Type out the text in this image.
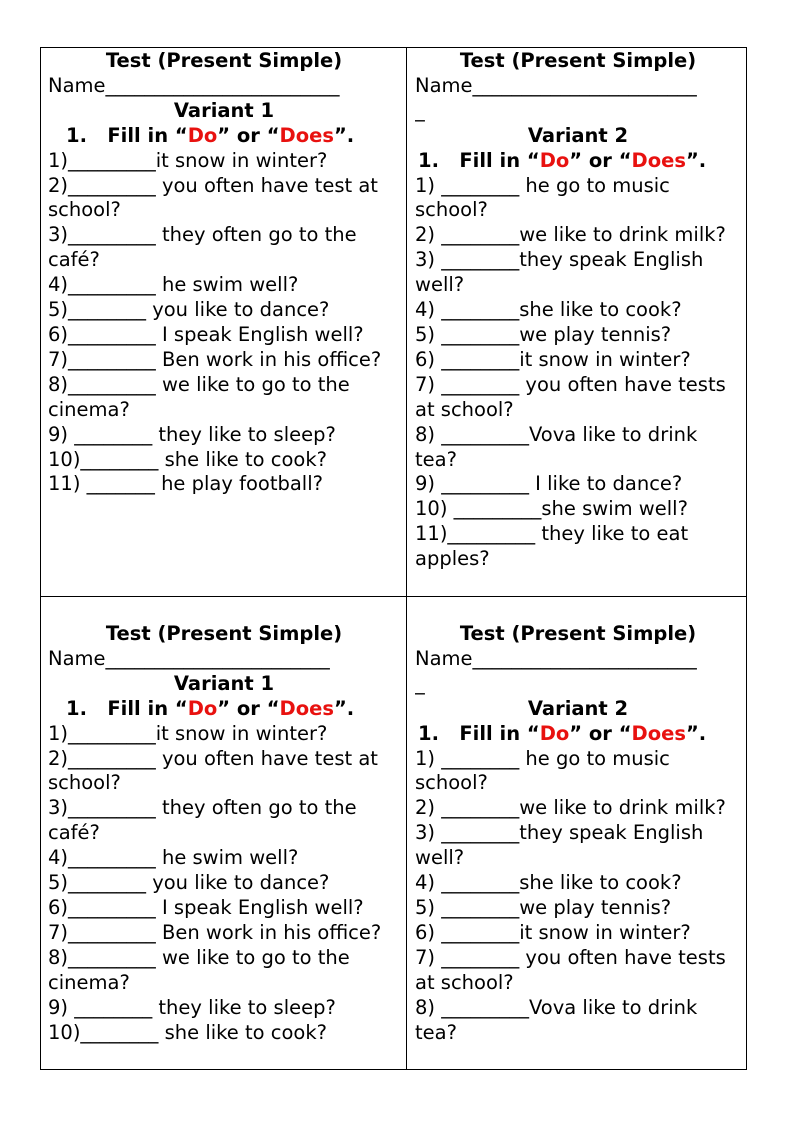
Test (Present Simple)
Name________________________
Variant 1
1. Fill in “Do” or “Does”.
1)_________it snow in winter?
2)_________ you often have test at school?
3)_________ they often go to the café?
4)_________ he swim well?
5)________ you like to dance?
6)_________ I speak English well?
7)_________ Ben work in his office?
8)_________ we like to go to the cinema?
9) ________ they like to sleep?
10)________ she like to cook?
11) _______ he play football?
Test (Present Simple)
Name_______________________
_
Variant 2
1. Fill in “Do” or “Does”.
1) ________ he go to music school?
2) ________we like to drink milk?
3) ________they speak English well?
4) ________she like to cook?
5) ________we play tennis?
6) ________it snow in winter?
7) ________ you often have tests at school?
8) _________Vova like to drink tea?
9) _________ I like to dance?
10) _________she swim well?
11)_________ they like to eat apples?
Test (Present Simple)
Name_______________________
Variant 1
1. Fill in “Do” or “Does”.
1)_________it snow in winter?
2)_________ you often have test at school?
3)_________ they often go to the café?
4)_________ he swim well?
5)________ you like to dance?
6)_________ I speak English well?
7)_________ Ben work in his office?
8)_________ we like to go to the cinema?
9) ________ they like to sleep?
10)________ she like to cook?
Test (Present Simple)
Name_______________________
_
Variant 2
1. Fill in “Do” or “Does”.
1) ________ he go to music school?
2) ________we like to drink milk?
3) ________they speak English well?
4) ________she like to cook?
5) ________we play tennis?
6) ________it snow in winter?
7) ________ you often have tests at school?
8) _________Vova like to drink tea?
